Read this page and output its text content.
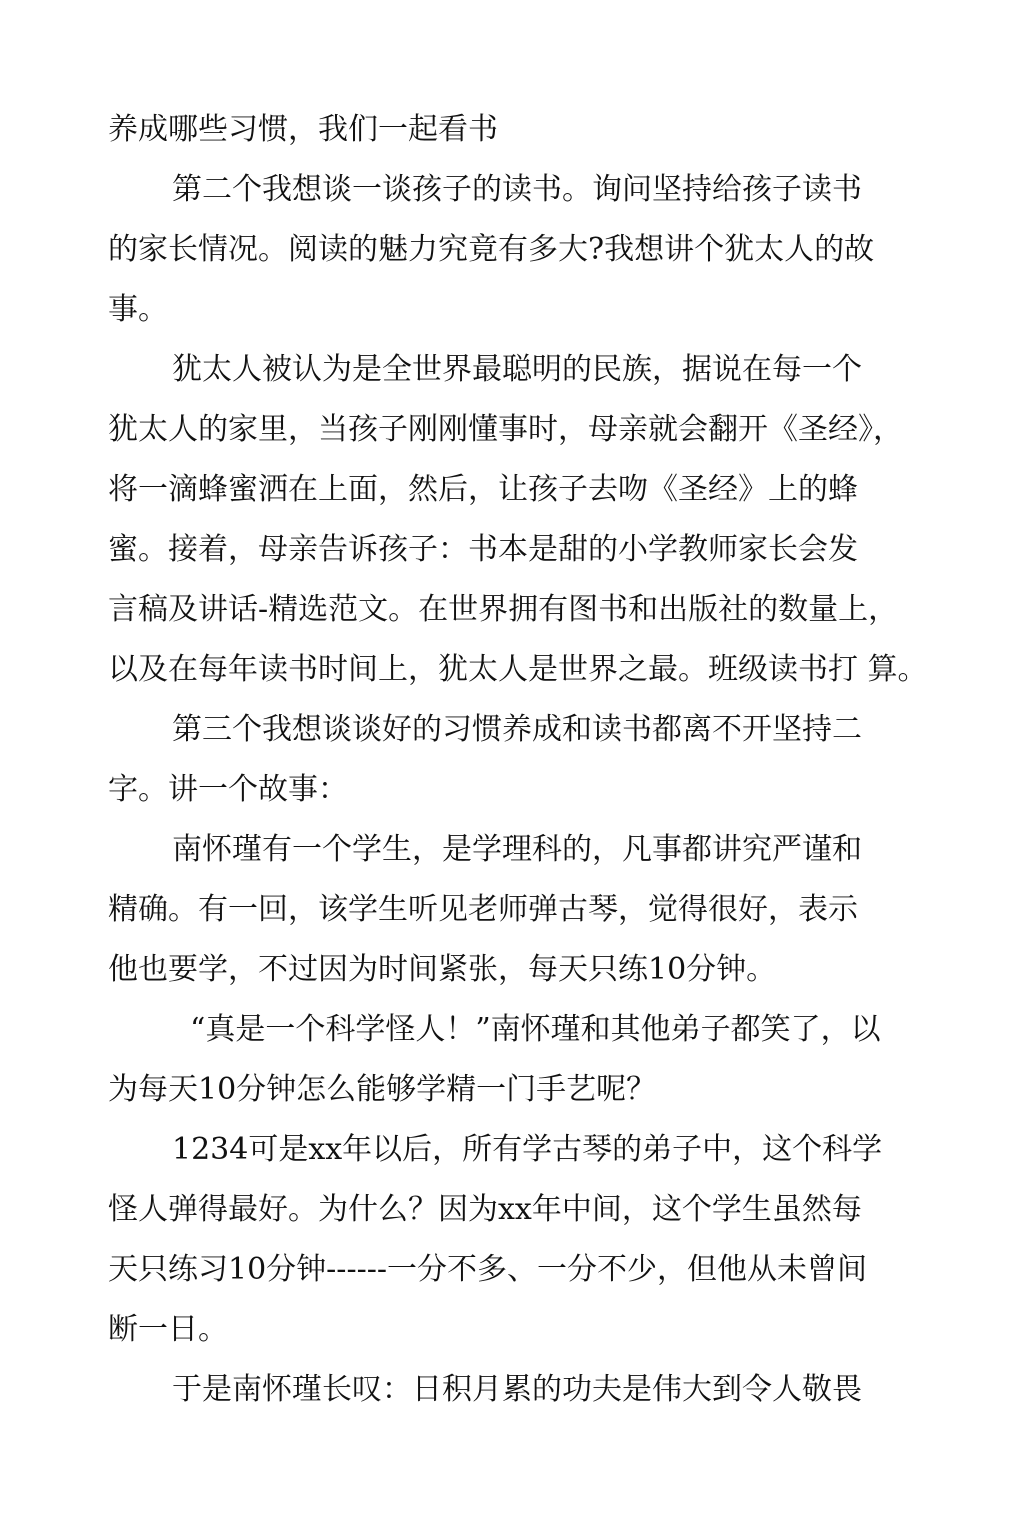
养成哪些习惯，我们一起看书

第二个我想谈一谈孩子的读书。询问坚持给孩子读书

的家长情况。阅读的魅力究竟有多大?我想讲个犹太人的故

事。

犹太人被认为是全世界最聪明的民族，据说在每一个

犹太人的家里，当孩子刚刚懂事时，母亲就会翻开《圣经》，

将一滴蜂蜜洒在上面，然后，让孩子去吻《圣经》上的蜂

蜜。接着，母亲告诉孩子：书本是甜的小学教师家长会发

言稿及讲话-精选范文。在世界拥有图书和出版社的数量上，

以及在每年读书时间上，犹太人是世界之最。班级读书打 算。

第三个我想谈谈好的习惯养成和读书都离不开坚持二

字。讲一个故事：

南怀瑾有一个学生，是学理科的，凡事都讲究严谨和

精确。有一回，该学生听见老师弹古琴，觉得很好，表示

他也要学，不过因为时间紧张，每天只练10分钟。

“真是一个科学怪人！”南怀瑾和其他弟子都笑了，以

为每天10分钟怎么能够学精一门手艺呢？

1234可是xx年以后，所有学古琴的弟子中，这个科学

怪人弹得最好。为什么？因为xx年中间，这个学生虽然每

天只练习10分钟------一分不多、一分不少，但他从未曾间

断一日。

于是南怀瑾长叹：日积月累的功夫是伟大到令人敬畏
